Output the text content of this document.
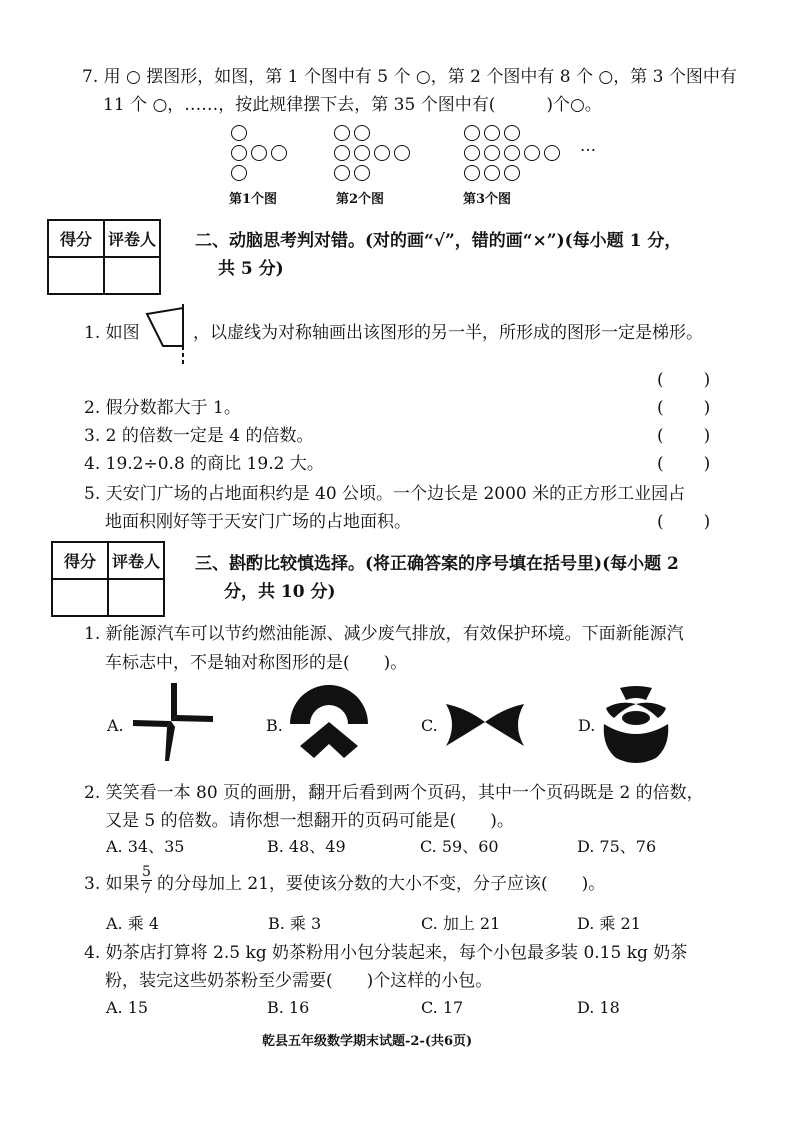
7. 用 ○ 摆图形，如图，第 1 个图中有 5 个 ○，第 2 个图中有 8 个 ○，第 3 个图中有
11 个 ○，……，按此规律摆下去，第 35 个图中有(　　　)个○。
…
第1个图	第2个图	第3个图
得分	评卷人
	二、动脑思考判对错。(对的画“√”，错的画“×”)(每小题 1 分，
共 5 分)
1. 如图	，以虚线为对称轴画出该图形的另一半，所形成的图形一定是梯形。
(　　)
2. 假分数都大于 1。	(　　)
3. 2 的倍数一定是 4 的倍数。	(　　)
4. 19.2÷0.8 的商比 19.2 大。	(　　)
5. 天安门广场的占地面积约是 40 公顷。一个边长是 2000 米的正方形工业园占
地面积刚好等于天安门广场的占地面积。	(　　)
得分	评卷人
	三、斟酌比较慎选择。(将正确答案的序号填在括号里)(每小题 2
分，共 10 分)
1. 新能源汽车可以节约燃油能源、减少废气排放，有效保护环境。下面新能源汽
车标志中，不是轴对称图形的是(　　)。
A.	B.	C.	D.
2. 笑笑看一本 80 页的画册，翻开后看到两个页码，其中一个页码既是 2 的倍数，
又是 5 的倍数。请你想一想翻开的页码可能是(　　)。
A. 34、35	B. 48、49	C. 59、60	D. 75、76
3. 如果 $\frac{5}{7}$ 的分母加上 21，要使该分数的大小不变，分子应该(　　)。
A. 乘 4	B. 乘 3	C. 加上 21	D. 乘 21
4. 奶茶店打算将 2.5 kg 奶茶粉用小包分装起来，每个小包最多装 0.15 kg 奶茶
粉，装完这些奶茶粉至少需要(　　)个这样的小包。
A. 15	B. 16	C. 17	D. 18
乾县五年级数学期末试题-2-(共6页)
